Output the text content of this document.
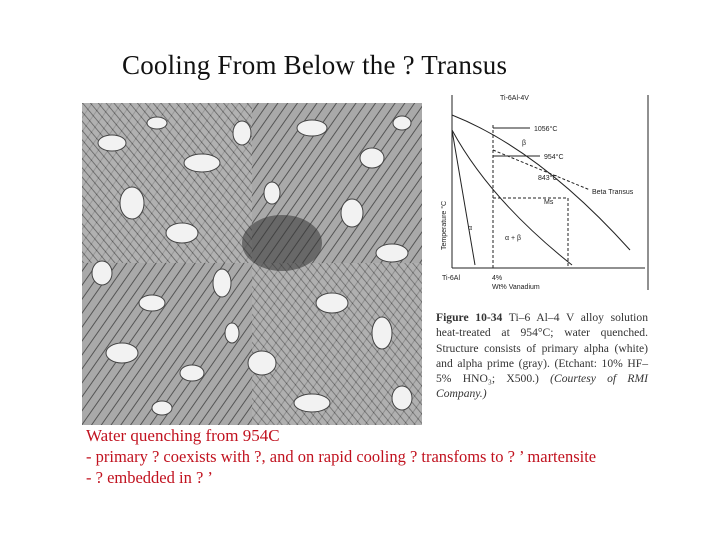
Cooling From Below the ? Transus
Ti-6Al-4V
1056°C
954°C
843°C
β
α
α + β
Ms
Beta Transus
Ti-6Al	4%
Wt% Vanadium
Temperature °C
Figure 10-34 Ti–6 Al–4 V alloy solution heat-treated at 954°C; water quenched. Structure consists of primary alpha (white) and alpha prime (gray). (Etchant: 10% HF–5% HNO₃; X500.) (Courtesy of RMI Company.)
Water quenching from 954C
- primary ? coexists with ?, and on rapid cooling ? transfoms to ? ’ martensite
- ? embedded in ? ’
